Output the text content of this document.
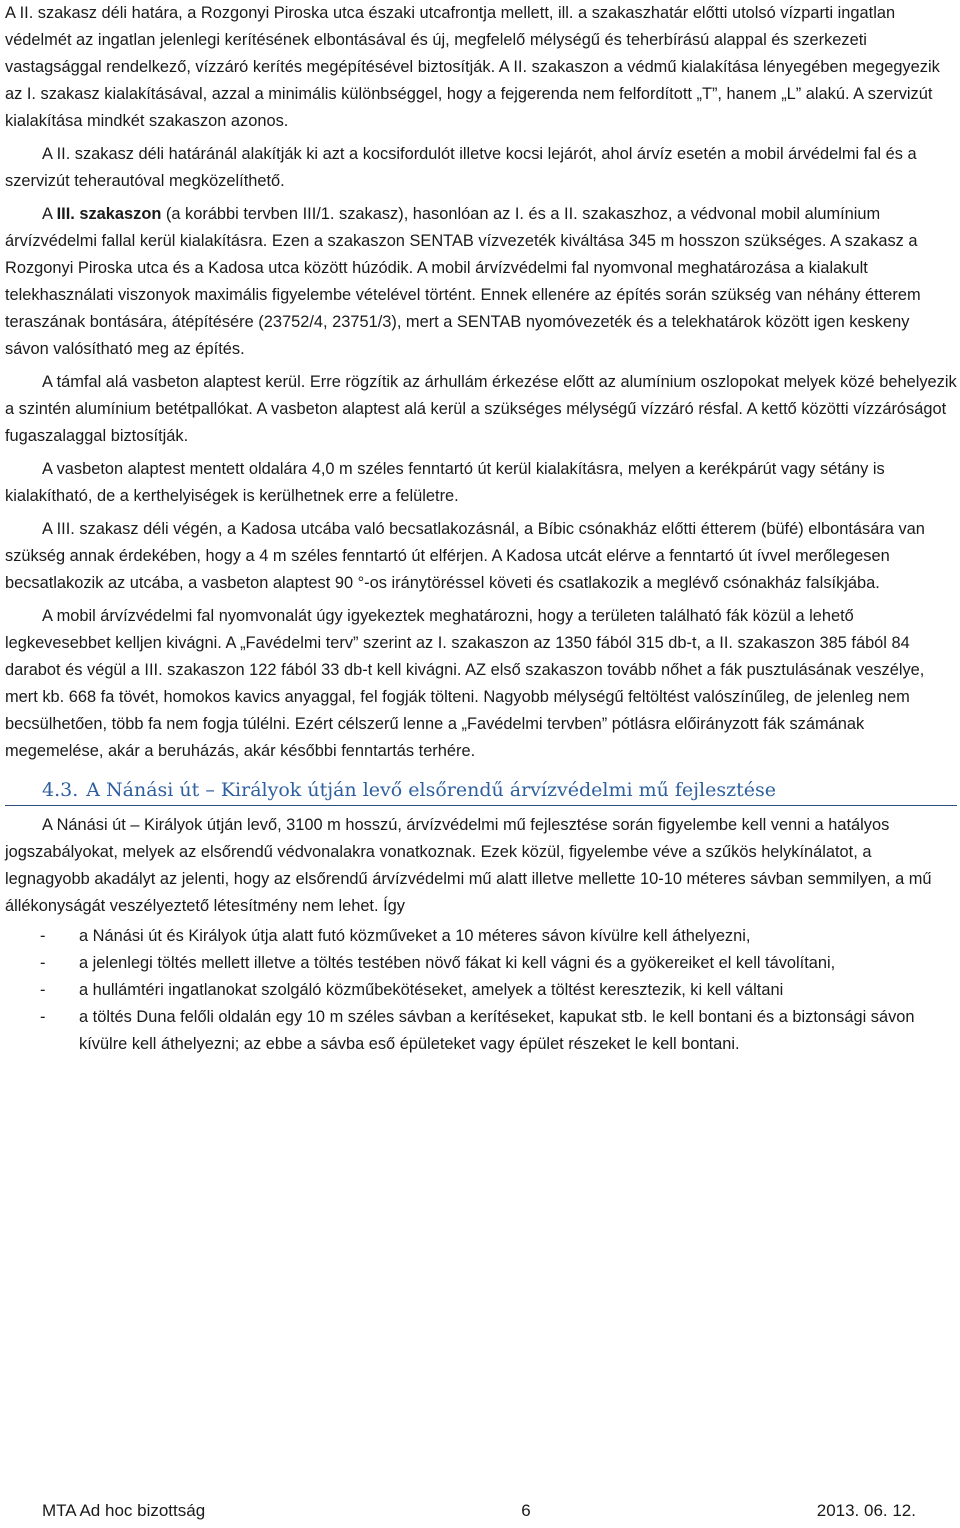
A II. szakasz déli határa, a Rozgonyi Piroska utca északi utcafrontja mellett, ill. a szakaszhatár előtti utolsó vízparti ingatlan védelmét az ingatlan jelenlegi kerítésének elbontásával és új, megfelelő mélységű és teherbírású alappal és szerkezeti vastagsággal rendelkező, vízzáró kerítés megépítésével biztosítják. A II. szakaszon a védmű kialakítása lényegében megegyezik az I. szakasz kialakításával, azzal a minimális különbséggel, hogy a fejgerenda nem felfordított „T”, hanem „L” alakú. A szervizút kialakítása mindkét szakaszon azonos.

A II. szakasz déli határánál alakítják ki azt a kocsifordulót illetve kocsi lejárót, ahol árvíz esetén a mobil árvédelmi fal és a szervizút teherautóval megközelíthető.

A III. szakaszon (a korábbi tervben III/1. szakasz), hasonlóan az I. és a II. szakaszhoz, a védvonal mobil alumínium árvízvédelmi fallal kerül kialakításra. Ezen a szakaszon SENTAB vízvezeték kiváltása 345 m hosszon szükséges. A szakasz a Rozgonyi Piroska utca és a Kadosa utca között húzódik. A mobil árvízvédelmi fal nyomvonal meghatározása a kialakult telekhasználati viszonyok maximális figyelembe vételével történt. Ennek ellenére az építés során szükség van néhány étterem teraszának bontására, átépítésére (23752/4, 23751/3), mert a SENTAB nyomóvezeték és a telekhatárok között igen keskeny sávon valósítható meg az építés.

A támfal alá vasbeton alaptest kerül. Erre rögzítik az árhullám érkezése előtt az alumínium oszlopokat melyek közé behelyezik a szintén alumínium betétpallókat. A vasbeton alaptest alá kerül a szükséges mélységű vízzáró résfal. A kettő közötti vízzáróságot fugaszalaggal biztosítják.

A vasbeton alaptest mentett oldalára 4,0 m széles fenntartó út kerül kialakításra, melyen a kerékpárút vagy sétány is kialakítható, de a kerthelyiségek is kerülhetnek erre a felületre.

A III. szakasz déli végén, a Kadosa utcába való becsatlakozásnál, a Bíbic csónakház előtti étterem (büfé) elbontására van szükség annak érdekében, hogy a 4 m széles fenntartó út elférjen. A Kadosa utcát elérve a fenntartó út ívvel merőlegesen becsatlakozik az utcába, a vasbeton alaptest 90 °-os iránytöréssel követi és csatlakozik a meglévő csónakház falsíkjába.

A mobil árvízvédelmi fal nyomvonalát úgy igyekeztek meghatározni, hogy a területen található fák közül a lehető legkevesebbet kelljen kivágni. A „Favédelmi terv” szerint az I. szakaszon az 1350 fából 315 db-t, a II. szakaszon 385 fából 84 darabot és végül a III. szakaszon 122 fából 33 db-t kell kivágni. AZ első szakaszon tovább nőhet a fák pusztulásának veszélye, mert kb. 668 fa tövét, homokos kavics anyaggal, fel fogják tölteni. Nagyobb mélységű feltöltést valószínűleg, de jelenleg nem becsülhetően, több fa nem fogja túlélni. Ezért célszerű lenne a „Favédelmi tervben” pótlásra előirányzott fák számának megemelése, akár a beruházás, akár későbbi fenntartás terhére.

4.3. A Nánási út – Királyok útján levő elsőrendű árvízvédelmi mű fejlesztése

A Nánási út – Királyok útján levő, 3100 m hosszú, árvízvédelmi mű fejlesztése során figyelembe kell venni a hatályos jogszabályokat, melyek az elsőrendű védvonalakra vonatkoznak. Ezek közül, figyelembe véve a szűkös helykínálatot, a legnagyobb akadályt az jelenti, hogy az elsőrendű árvízvédelmi mű alatt illetve mellette 10-10 méteres sávban semmilyen, a mű állékonyságát veszélyeztető létesítmény nem lehet. Így

- a Nánási út és Királyok útja alatt futó közműveket a 10 méteres sávon kívülre kell áthelyezni,
- a jelenlegi töltés mellett illetve a töltés testében növő fákat ki kell vágni és a gyökereiket el kell távolítani,
- a hullámtéri ingatlanokat szolgáló közműbekötéseket, amelyek a töltést keresztezik, ki kell váltani
- a töltés Duna felőli oldalán egy 10 m széles sávban a kerítéseket, kapukat stb. le kell bontani és a biztonsági sávon kívülre kell áthelyezni; az ebbe a sávba eső épületeket vagy épület részeket le kell bontani.
MTA Ad hoc bizottság	6	2013. 06. 12.
